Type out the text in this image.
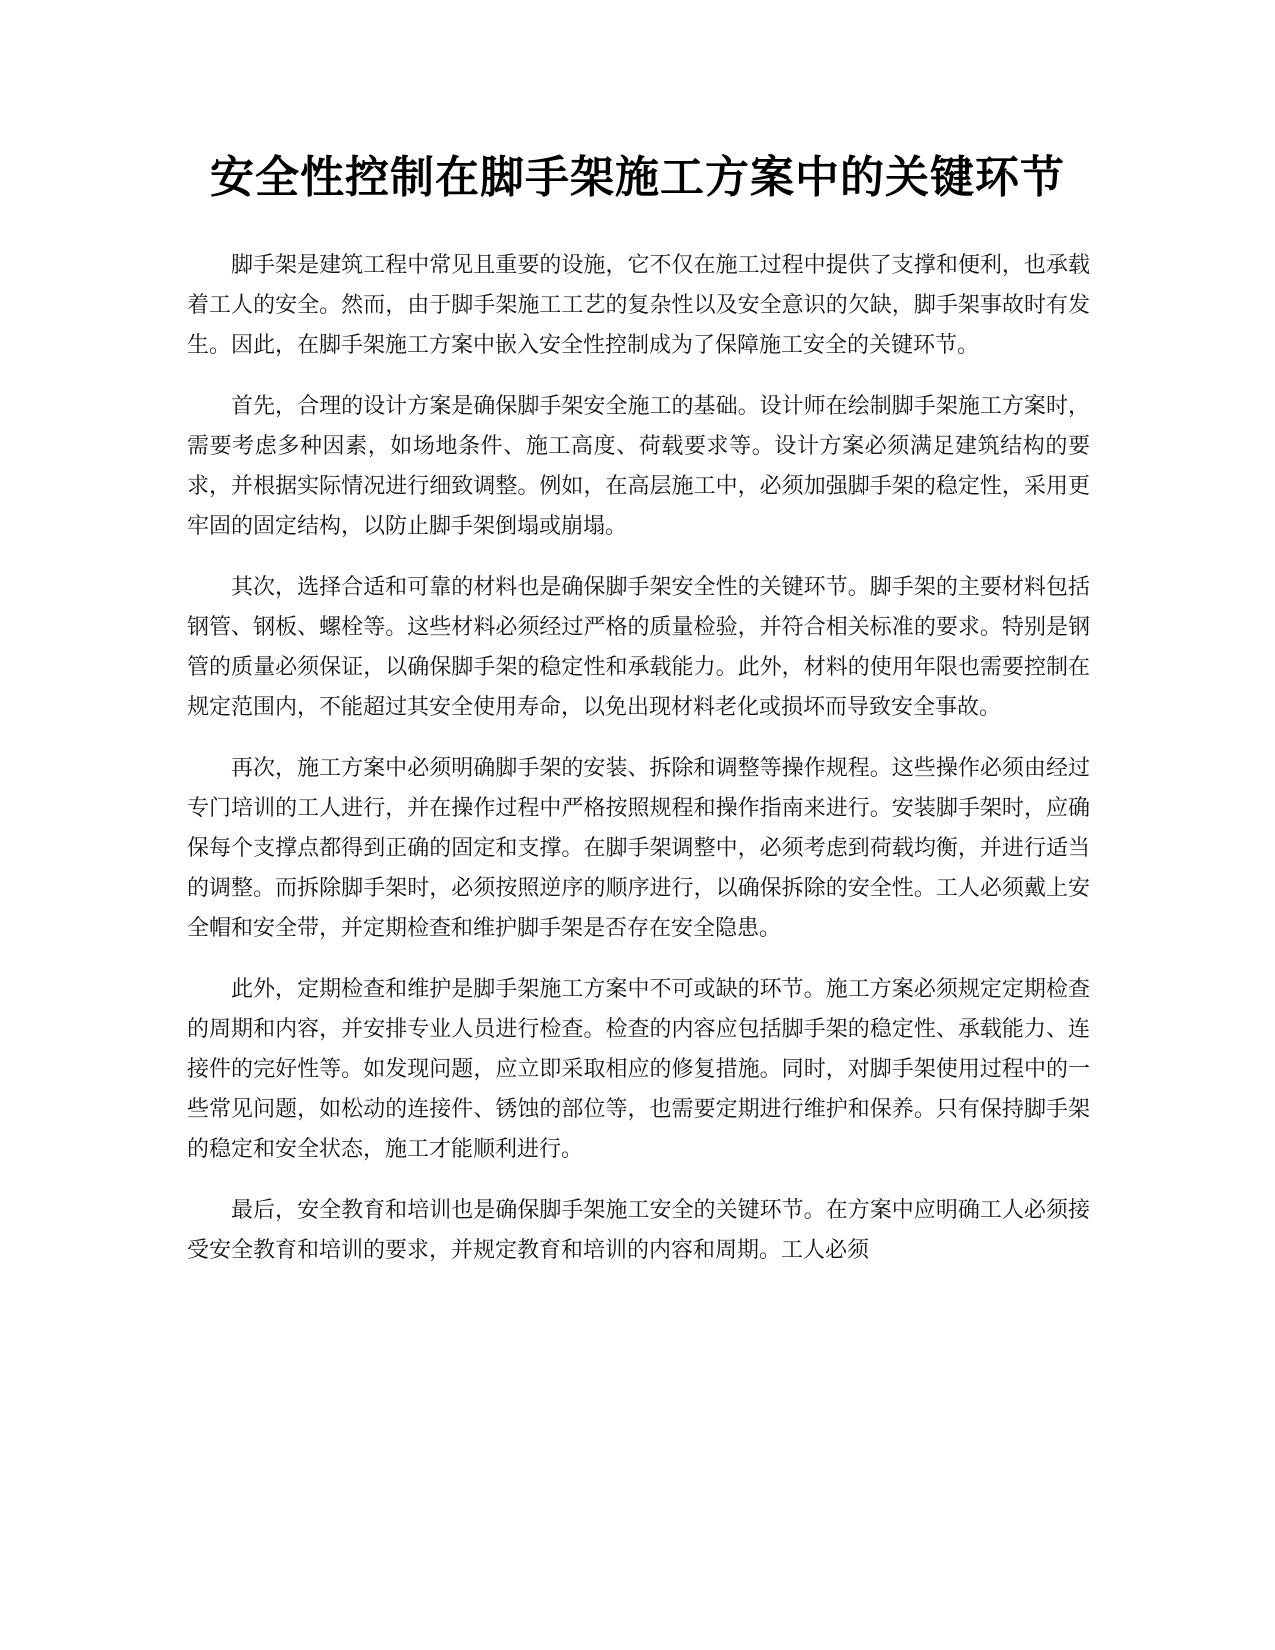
安全性控制在脚手架施工方案中的关键环节

脚手架是建筑工程中常见且重要的设施，它不仅在施工过程中提供了支撑和便利，也承载着工人的安全。然而，由于脚手架施工工艺的复杂性以及安全意识的欠缺，脚手架事故时有发生。因此，在脚手架施工方案中嵌入安全性控制成为了保障施工安全的关键环节。

首先，合理的设计方案是确保脚手架安全施工的基础。设计师在绘制脚手架施工方案时，需要考虑多种因素，如场地条件、施工高度、荷载要求等。设计方案必须满足建筑结构的要求，并根据实际情况进行细致调整。例如，在高层施工中，必须加强脚手架的稳定性，采用更牢固的固定结构，以防止脚手架倒塌或崩塌。

其次，选择合适和可靠的材料也是确保脚手架安全性的关键环节。脚手架的主要材料包括钢管、钢板、螺栓等。这些材料必须经过严格的质量检验，并符合相关标准的要求。特别是钢管的质量必须保证，以确保脚手架的稳定性和承载能力。此外，材料的使用年限也需要控制在规定范围内，不能超过其安全使用寿命，以免出现材料老化或损坏而导致安全事故。

再次，施工方案中必须明确脚手架的安装、拆除和调整等操作规程。这些操作必须由经过专门培训的工人进行，并在操作过程中严格按照规程和操作指南来进行。安装脚手架时，应确保每个支撑点都得到正确的固定和支撑。在脚手架调整中，必须考虑到荷载均衡，并进行适当的调整。而拆除脚手架时，必须按照逆序的顺序进行，以确保拆除的安全性。工人必须戴上安全帽和安全带，并定期检查和维护脚手架是否存在安全隐患。

此外，定期检查和维护是脚手架施工方案中不可或缺的环节。施工方案必须规定定期检查的周期和内容，并安排专业人员进行检查。检查的内容应包括脚手架的稳定性、承载能力、连接件的完好性等。如发现问题，应立即采取相应的修复措施。同时，对脚手架使用过程中的一些常见问题，如松动的连接件、锈蚀的部位等，也需要定期进行维护和保养。只有保持脚手架的稳定和安全状态，施工才能顺利进行。

最后，安全教育和培训也是确保脚手架施工安全的关键环节。在方案中应明确工人必须接受安全教育和培训的要求，并规定教育和培训的内容和周期。工人必须
